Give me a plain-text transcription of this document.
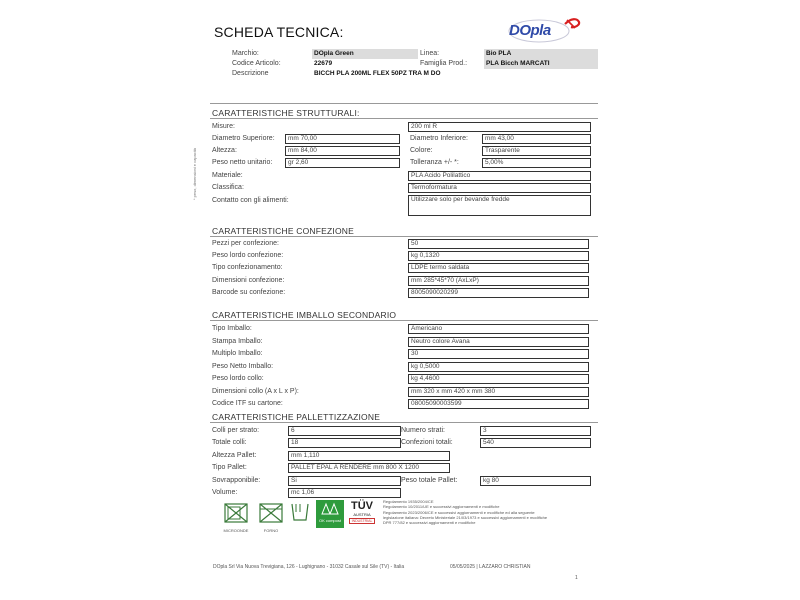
SCHEDA TECNICA:	DOpla
Marchio:	DOpla Green	Linea:	Bio PLA
Codice Articolo:	22679	Famiglia Prod.:	PLA Bicch MARCATI
Descrizione	BICCH PLA 200ML FLEX 50PZ TRA M DO
* peso, dimensioni e capacità
CARATTERISTICHE STRUTTURALI:
Misure:	200 ml R
Diametro Superiore:	mm 70,00	Diametro Inferiore:	mm 43,00
Altezza:	mm 84,00	Colore:	Trasparente
Peso netto unitario:	gr 2,60	Tolleranza +/- *:	5,00%
Materiale:	PLA Acido Polilattico
Classifica:	Termoformatura
Contatto con gli alimenti:	Utilizzare solo per bevande fredde
CARATTERISTICHE CONFEZIONE
Pezzi per confezione:	50
Peso lordo confezione:	kg 0,1320
Tipo confezionamento:	LDPE termo saldata
Dimensioni confezione:	mm 285*45*70 (AxLxP)
Barcode su confezione:	8005090020299
CARATTERISTICHE IMBALLO SECONDARIO
Tipo Imballo:	Americano
Stampa Imballo:	Neutro colore Avana
Multiplo Imballo:	30
Peso Netto Imballo:	kg 0,5000
Peso lordo collo:	kg 4,4600
Dimensioni collo (A x L x P):	mm 320 x mm 420 x mm 380
Codice ITF su cartone:	08005090003599
CARATTERISTICHE PALLETTIZZAZIONE
Colli per strato:	6	Numero strati:	3
Totale colli:	18	Confezioni totali:	540
Altezza Pallet:	mm 1,110
Tipo Pallet:	PALLET EPAL A RENDERE mm 800 X 1200
Sovrapponibile:	Si	Peso totale Pallet:	kg 80
Volume:	mc 1,06
MICROONDE	FORNO
OK compost
TÜV
AUSTRIA
INDUSTRIAL
Regolamento 1935/2004/CE
Regolamento 10/2011/UE e successivi aggiornamenti e modifiche
Regolamento 2023/2006/CE e successivi aggiornamenti e modifiche ed alla seguente
legislazione italiana: Decreto Ministeriale 21/03/1973 e successivi aggiornamenti e modifiche
DPR 777/82 e successivi aggiornamenti e modifiche
DOpla Srl Via Nuova Trevigiana, 126 - Lughignano - 31032 Casale sul Sile (TV) - Italia	05/05/2025 | LAZZARO CHRISTIAN
1
